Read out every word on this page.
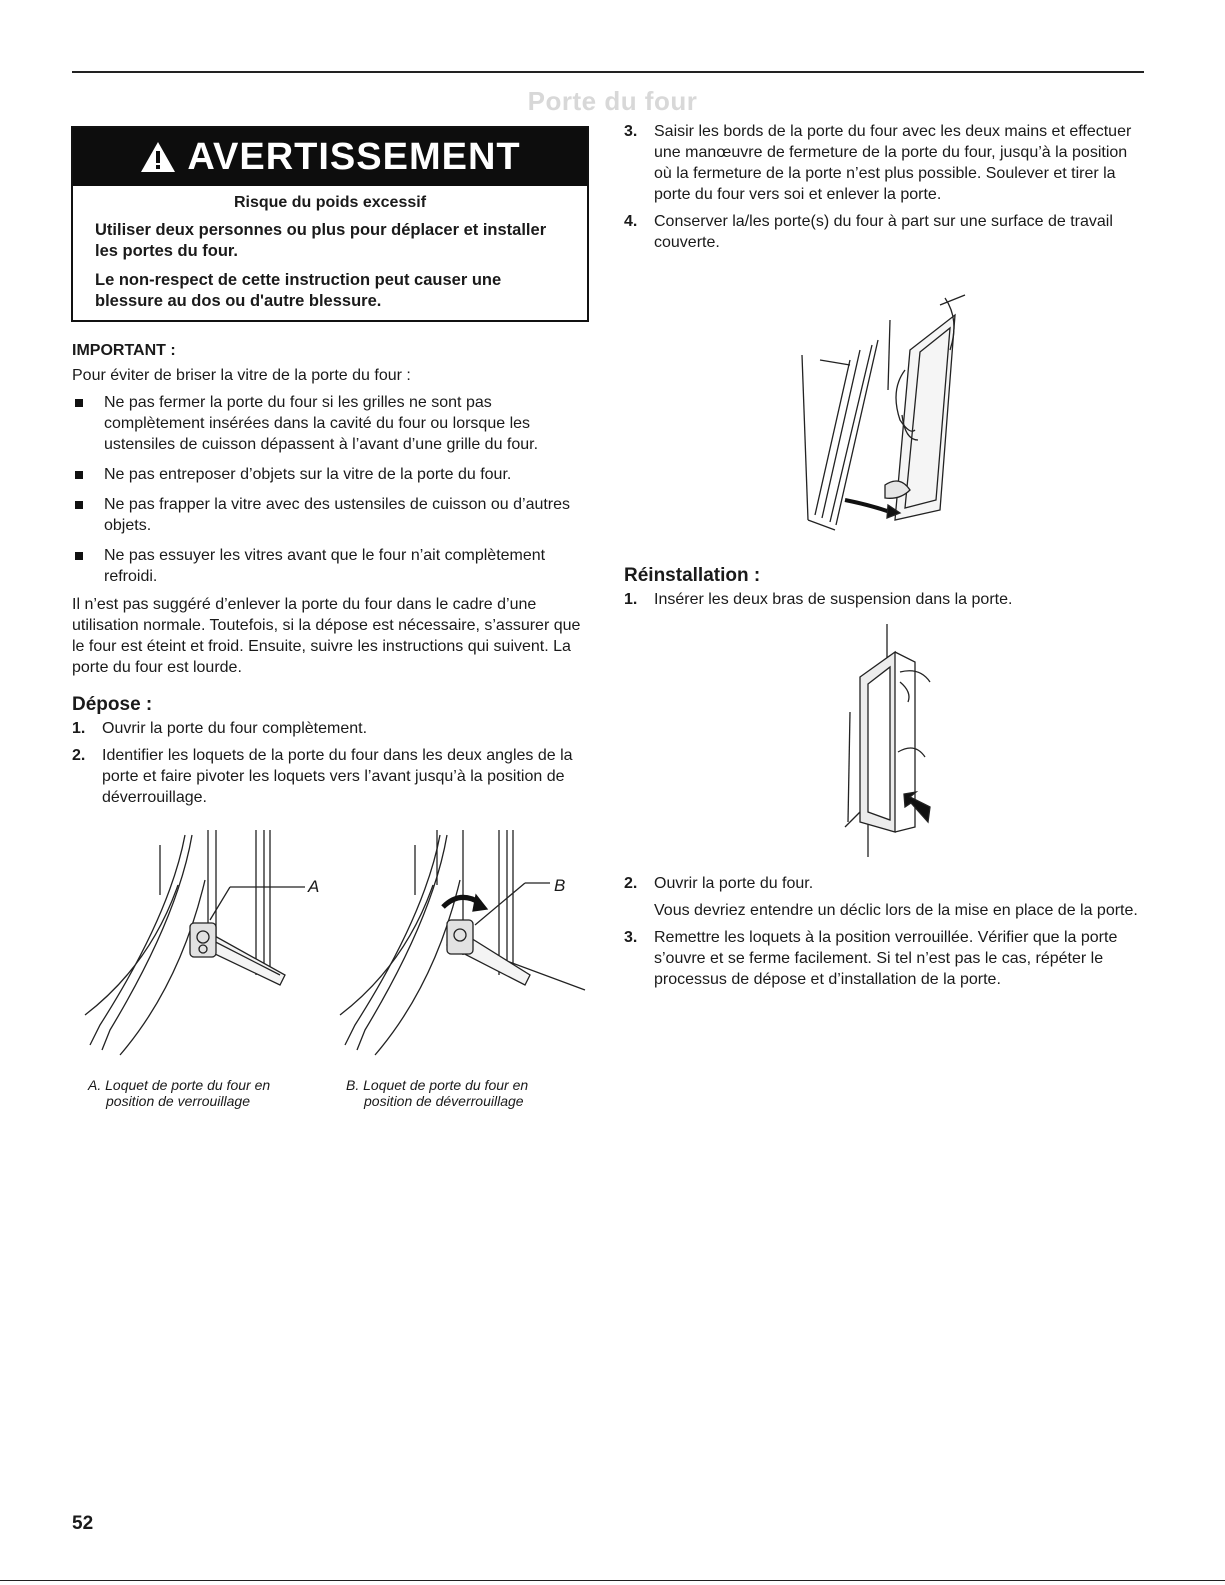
Porte du four
AVERTISSEMENT
Risque du poids excessif

Utiliser deux personnes ou plus pour déplacer et installer les portes du four.

Le non-respect de cette instruction peut causer une blessure au dos ou d'autre blessure.

IMPORTANT :

Pour éviter de briser la vitre de la porte du four :

Ne pas fermer la porte du four si les grilles ne sont pas complètement insérées dans la cavité du four ou lorsque les ustensiles de cuisson dépassent à l’avant d’une grille du four.
Ne pas entreposer d’objets sur la vitre de la porte du four.
Ne pas frapper la vitre avec des ustensiles de cuisson ou d’autres objets.
Ne pas essuyer les vitres avant que le four n’ait complètement refroidi.

Il n’est pas suggéré d’enlever la porte du four dans le cadre d’une utilisation normale. Toutefois, si la dépose est nécessaire, s’assurer que le four est éteint et froid. Ensuite, suivre les instructions qui suivent. La porte du four est lourde.

Dépose :

1. Ouvrir la porte du four complètement.
2. Identifier les loquets de la porte du four dans les deux angles de la porte et faire pivoter les loquets vers l’avant jusqu’à la position de déverrouillage.
A	B
A. Loquet de porte du four en
position de verrouillage
B. Loquet de porte du four en
position de déverrouillage
3. Saisir les bords de la porte du four avec les deux mains et effectuer une manœuvre de fermeture de la porte du four, jusqu’à la position où la fermeture de la porte n’est plus possible. Soulever et tirer la porte du four vers soi et enlever la porte.
4. Conserver la/les porte(s) du four à part sur une surface de travail couverte.

Réinstallation :

1. Insérer les deux bras de suspension dans la porte.
2. Ouvrir la porte du four.

Vous devriez entendre un déclic lors de la mise en place de la porte.

3. Remettre les loquets à la position verrouillée. Vérifier que la porte s’ouvre et se ferme facilement. Si tel n’est pas le cas, répéter le processus de dépose et d’installation de la porte.
52
